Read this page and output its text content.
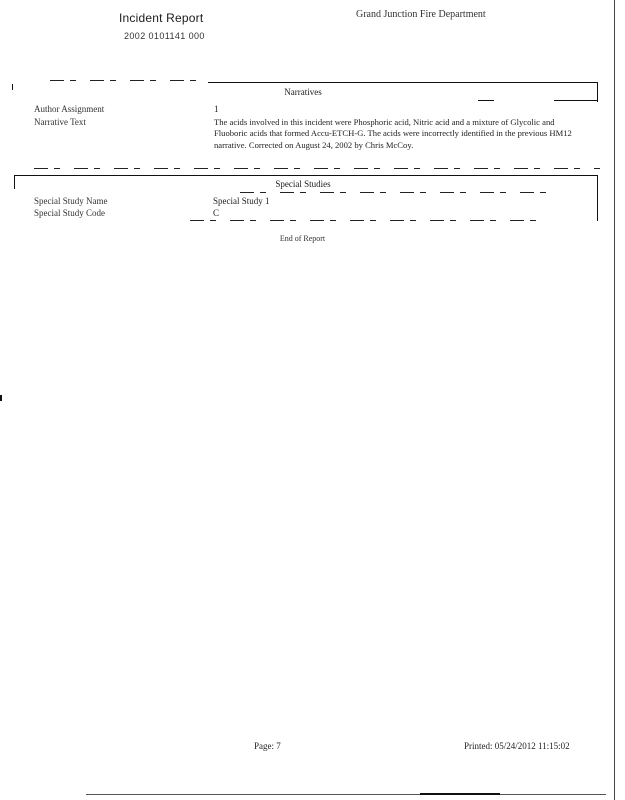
Incident Report
2002 0101141 000
Grand Junction Fire Department
Narratives
Author Assignment	1
Narrative Text	The acids involved in this incident were Phosphoric acid, Nitric acid and a mixture of Glycolic and Fluoboric acids that formed Accu-ETCH-G. The acids were incorrectly identified in the previous HM12 narrative. Corrected on August 24, 2002 by Chris McCoy.
Special Studies
Special Study Name	Special Study 1
Special Study Code	C
End of Report
Page: 7	Printed: 05/24/2012 11:15:02
